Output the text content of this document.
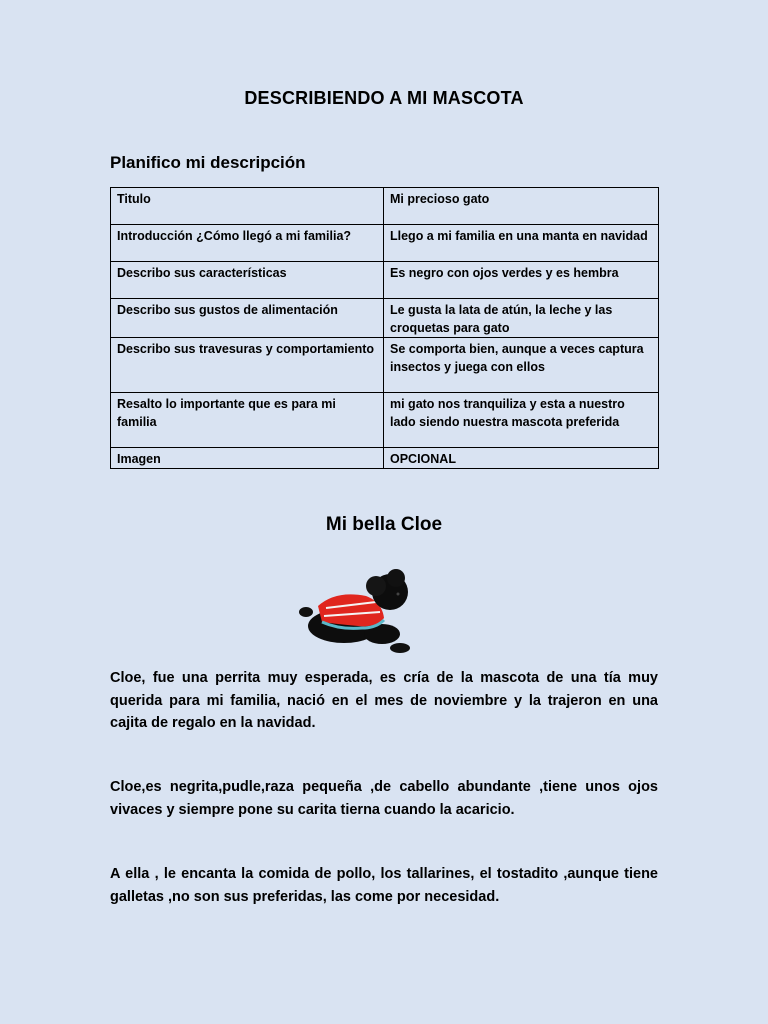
DESCRIBIENDO A MI MASCOTA
Planifico mi descripción
Titulo	Mi precioso gato
Introducción ¿Cómo llegó a mi familia?	Llego a mi familia en una manta en navidad
Describo sus características	Es negro con ojos verdes y es hembra
Describo sus gustos de alimentación	Le gusta la lata de atún, la leche y las croquetas para gato
Describo sus travesuras y comportamiento	Se comporta bien, aunque a veces captura insectos y juega con ellos
Resalto lo importante que es para mi familia	mi gato nos tranquiliza y esta a nuestro lado siendo nuestra mascota preferida
Imagen	OPCIONAL
Mi bella Cloe
Cloe, fue una perrita muy esperada, es cría de la mascota de una tía muy querida para mi familia, nació en el mes de noviembre y la trajeron en una cajita de regalo en la navidad.
Cloe,es negrita,pudle,raza pequeña ,de cabello abundante ,tiene unos ojos vivaces y siempre pone su carita tierna cuando la acaricio.
A ella , le encanta la comida de pollo, los tallarines, el tostadito ,aunque tiene galletas ,no son sus preferidas, las come por necesidad.
